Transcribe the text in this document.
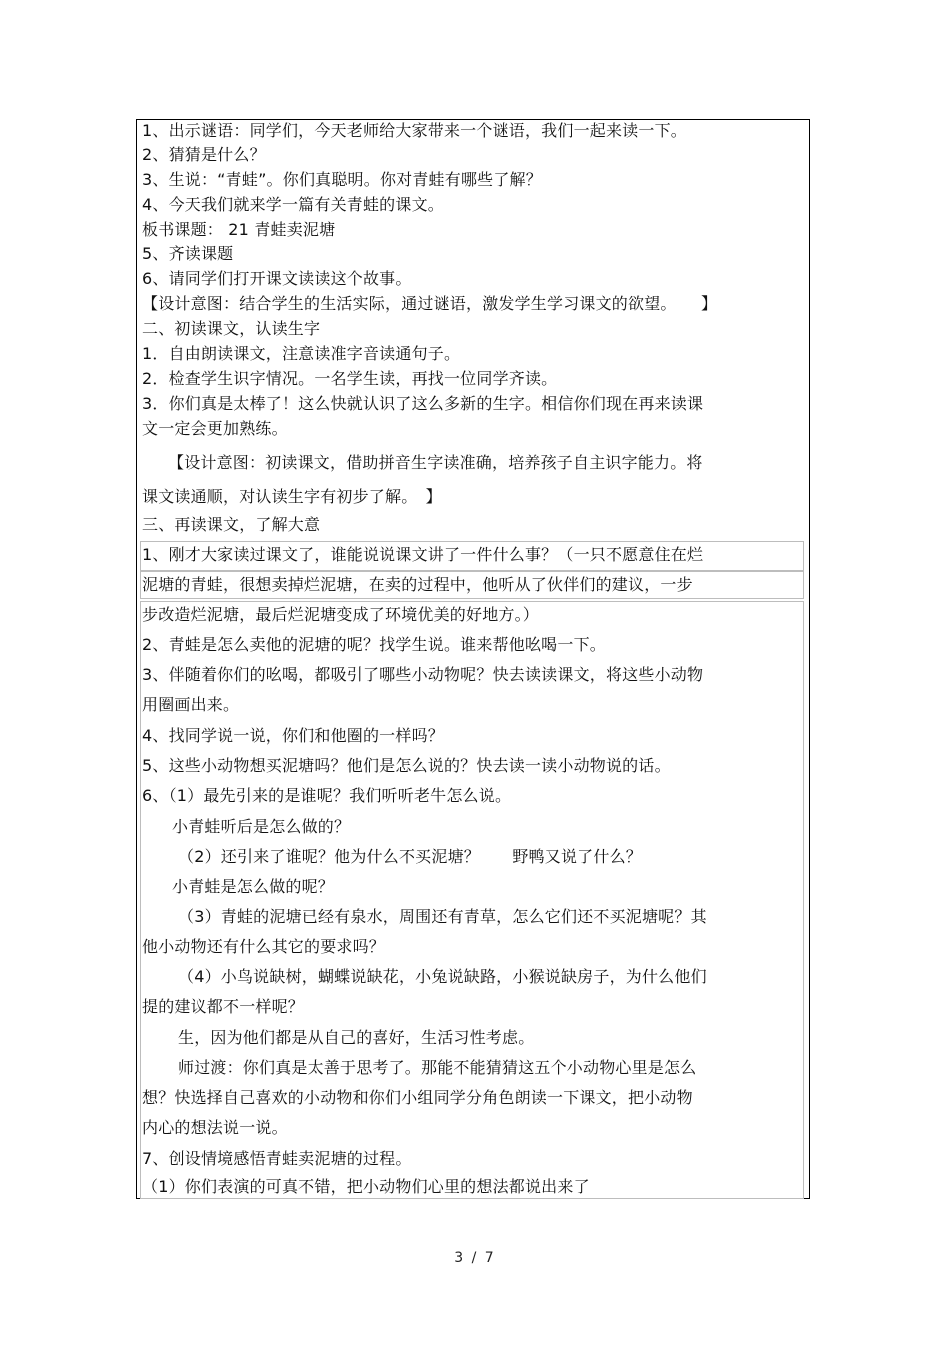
1、出示谜语：同学们，今天老师给大家带来一个谜语，我们一起来读一下。
2、猜猜是什么？
3、生说：“青蛙”。你们真聪明。你对青蛙有哪些了解？
4、今天我们就来学一篇有关青蛙的课文。
板书课题： 21 青蛙卖泥塘
5、齐读课题
6、请同学们打开课文读读这个故事。
【设计意图：结合学生的生活实际，通过谜语，激发学生学习课文的欲望。　　】
二、初读课文，认读生字
1．自由朗读课文，注意读准字音读通句子。
2．检查学生识字情况。一名学生读，再找一位同学齐读。
3．你们真是太棒了！这么快就认识了这么多新的生字。相信你们现在再来读课
文一定会更加熟练。
【设计意图：初读课文，借助拼音生字读准确，培养孩子自主识字能力。将
课文读通顺，对认读生字有初步了解。　】
三、再读课文，了解大意
1、刚才大家读过课文了，谁能说说课文讲了一件什么事？（一只不愿意住在烂
泥塘的青蛙，很想卖掉烂泥塘，在卖的过程中，他听从了伙伴们的建议，一步
步改造烂泥塘，最后烂泥塘变成了环境优美的好地方。）
2、青蛙是怎么卖他的泥塘的呢？找学生说。谁来帮他吆喝一下。
3、伴随着你们的吆喝，都吸引了哪些小动物呢？快去读读课文，将这些小动物
用圈画出来。
4、找同学说一说，你们和他圈的一样吗？
5、这些小动物想买泥塘吗？他们是怎么说的？快去读一读小动物说的话。
6、（1）最先引来的是谁呢？我们听听老牛怎么说。
小青蛙听后是怎么做的？
（2）还引来了谁呢？他为什么不买泥塘？　　野鸭又说了什么？
小青蛙是怎么做的呢？
（3）青蛙的泥塘已经有泉水，周围还有青草，怎么它们还不买泥塘呢？其
他小动物还有什么其它的要求吗？
（4）小鸟说缺树，蝴蝶说缺花，小兔说缺路，小猴说缺房子，为什么他们
提的建议都不一样呢？
生，因为他们都是从自己的喜好，生活习性考虑。
师过渡：你们真是太善于思考了。那能不能猜猜这五个小动物心里是怎么
想？快选择自己喜欢的小动物和你们小组同学分角色朗读一下课文，把小动物
内心的想法说一说。
7、创设情境感悟青蛙卖泥塘的过程。
（1）你们表演的可真不错，把小动物们心里的想法都说出来了
3 / 7
